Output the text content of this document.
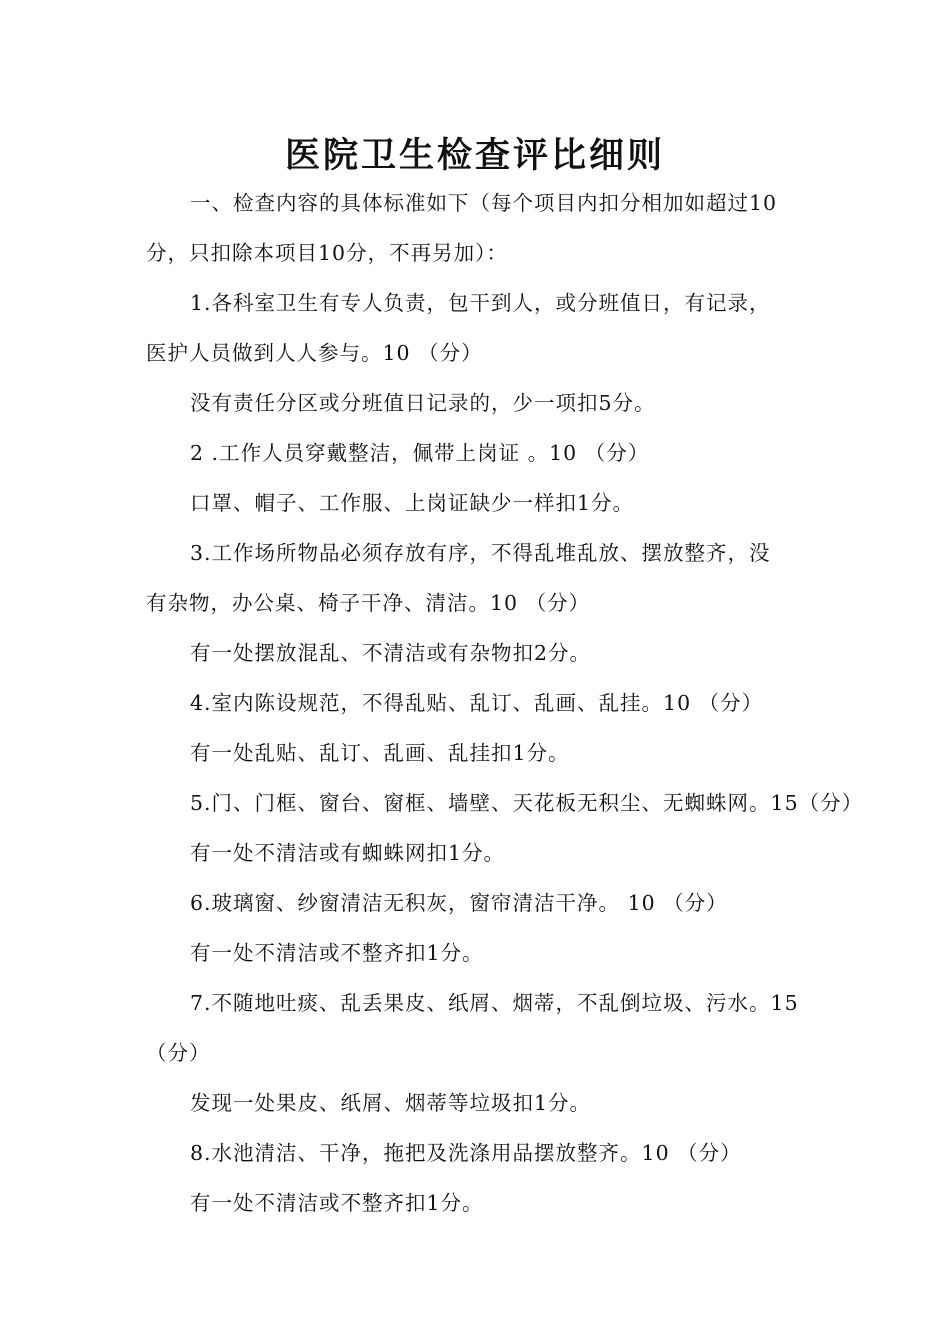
医院卫生检查评比细则
一、检查内容的具体标准如下（每个项目内扣分相加如超过10
分，只扣除本项目10分，不再另加）：
1.各科室卫生有专人负责，包干到人，或分班值日，有记录，
医护人员做到人人参与。10 （分）
没有责任分区或分班值日记录的，少一项扣5分。
2 .工作人员穿戴整洁，佩带上岗证 。10 （分）
口罩、帽子、工作服、上岗证缺少一样扣1分。
3.工作场所物品必须存放有序，不得乱堆乱放、摆放整齐，没
有杂物，办公桌、椅子干净、清洁。10 （分）
有一处摆放混乱、不清洁或有杂物扣2分。
4.室内陈设规范，不得乱贴、乱订、乱画、乱挂。10 （分）
有一处乱贴、乱订、乱画、乱挂扣1分。
5.门、门框、窗台、窗框、墙壁、天花板无积尘、无蜘蛛网。15（分）
有一处不清洁或有蜘蛛网扣1分。
6.玻璃窗、纱窗清洁无积灰，窗帘清洁干净。 10 （分）
有一处不清洁或不整齐扣1分。
7.不随地吐痰、乱丢果皮、纸屑、烟蒂，不乱倒垃圾、污水。15
（分）
发现一处果皮、纸屑、烟蒂等垃圾扣1分。
8.水池清洁、干净，拖把及洗涤用品摆放整齐。10 （分）
有一处不清洁或不整齐扣1分。
